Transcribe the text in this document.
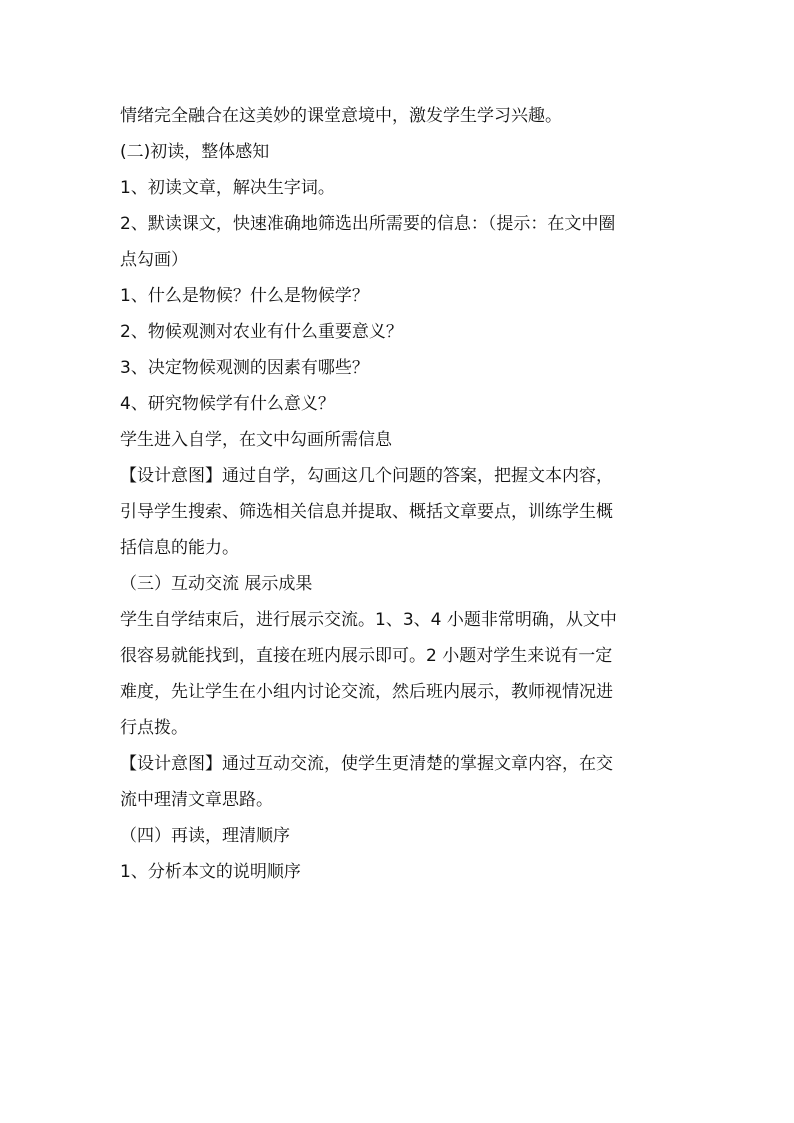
情绪完全融合在这美妙的课堂意境中，激发学生学习兴趣。
(二)初读，整体感知
1、初读文章，解决生字词。
2、默读课文，快速准确地筛选出所需要的信息：（提示：在文中圈
点勾画）
1、什么是物候？什么是物候学？
2、物候观测对农业有什么重要意义？
3、决定物候观测的因素有哪些？
4、研究物候学有什么意义？
学生进入自学，在文中勾画所需信息
【设计意图】通过自学，勾画这几个问题的答案，把握文本内容，
引导学生搜索、筛选相关信息并提取、概括文章要点，训练学生概
括信息的能力。
（三）互动交流 展示成果
学生自学结束后，进行展示交流。1、3、4 小题非常明确，从文中
很容易就能找到，直接在班内展示即可。2 小题对学生来说有一定
难度，先让学生在小组内讨论交流，然后班内展示，教师视情况进
行点拨。
【设计意图】通过互动交流，使学生更清楚的掌握文章内容，在交
流中理清文章思路。
（四）再读，理清顺序
1、分析本文的说明顺序
